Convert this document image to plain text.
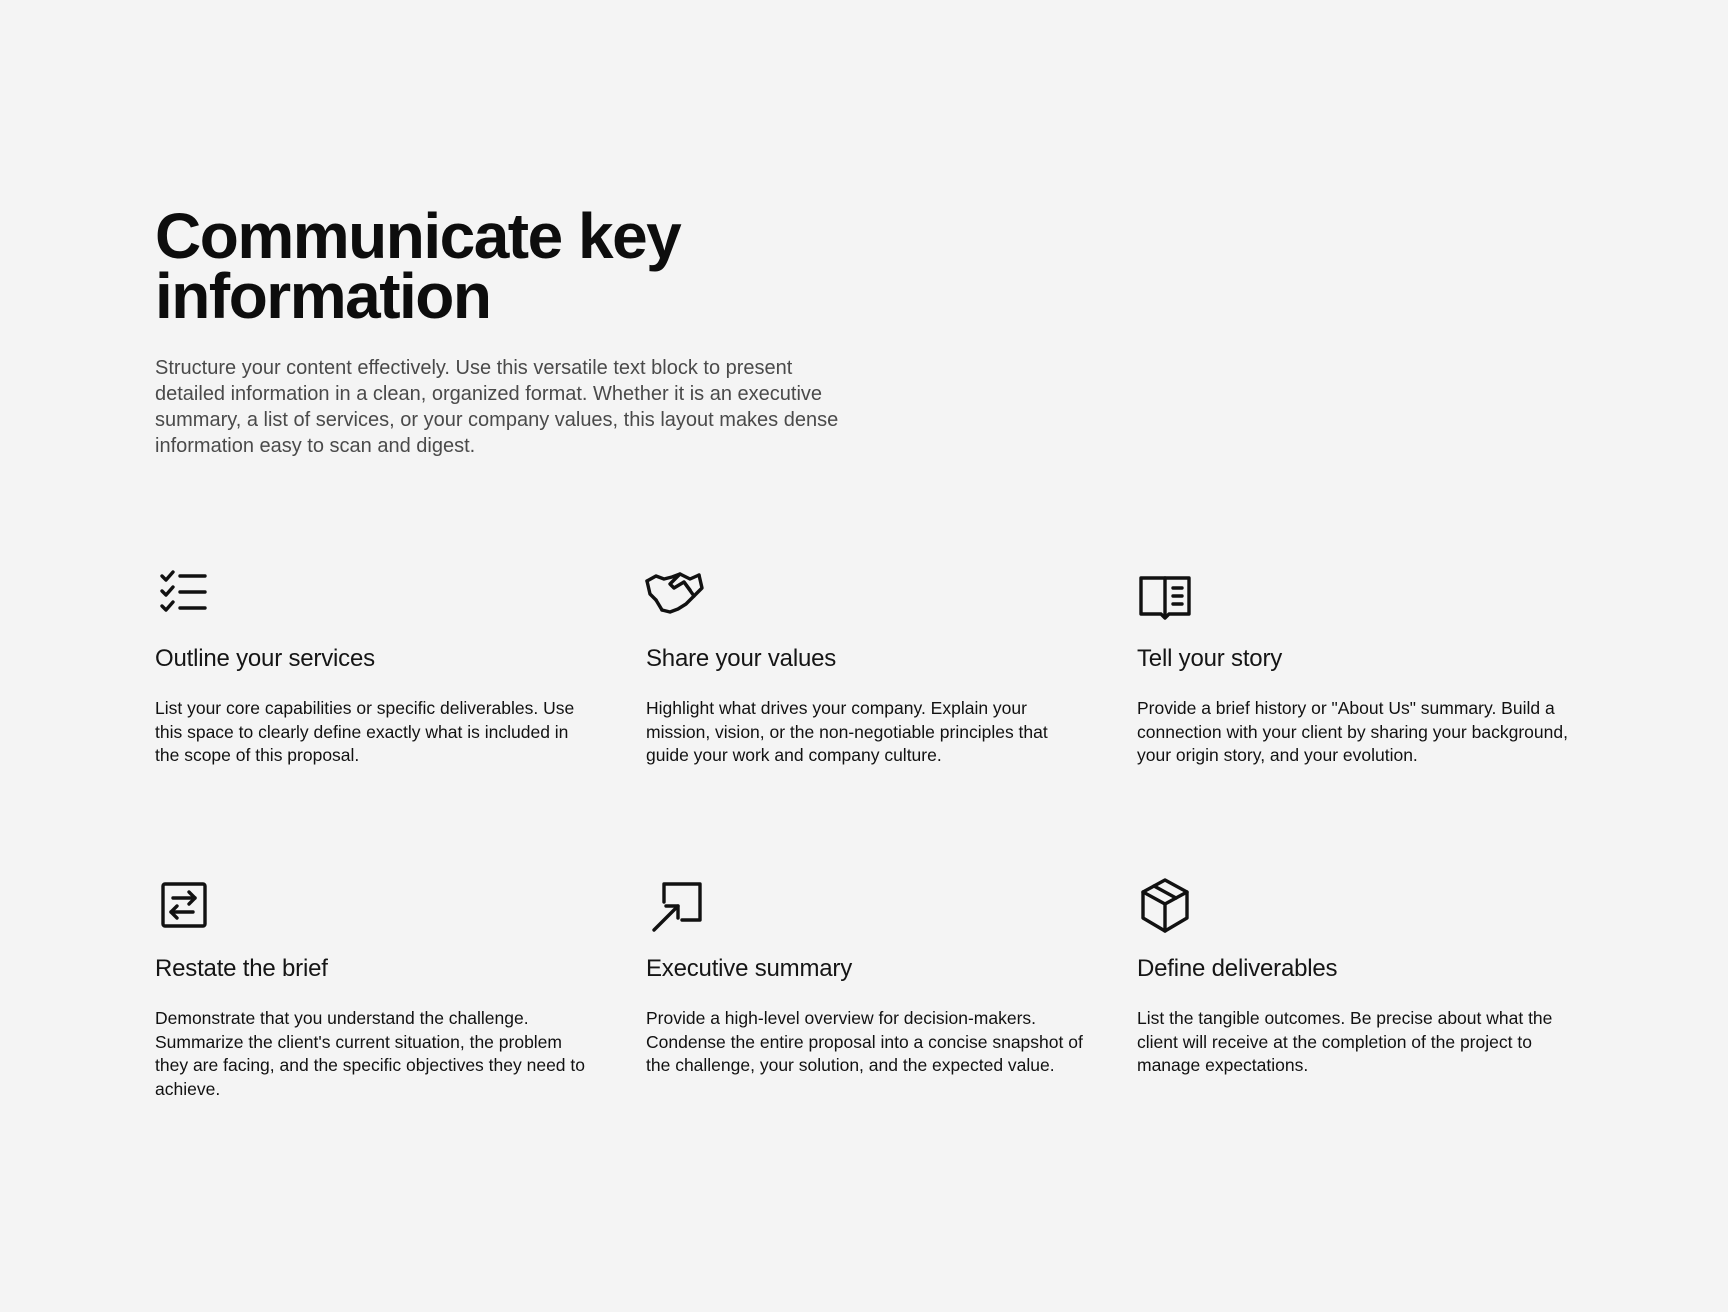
Communicate key information

Structure your content effectively. Use this versatile text block to present detailed information in a clean, organized format. Whether it is an executive summary, a list of services, or your company values, this layout makes dense information easy to scan and digest.

Outline your services

List your core capabilities or specific deliverables. Use this space to clearly define exactly what is included in the scope of this proposal.

Share your values

Highlight what drives your company. Explain your mission, vision, or the non-negotiable principles that guide your work and company culture.

Tell your story

Provide a brief history or "About Us" summary. Build a connection with your client by sharing your background, your origin story, and your evolution.

Restate the brief

Demonstrate that you understand the challenge. Summarize the client's current situation, the problem they are facing, and the specific objectives they need to achieve.

Executive summary

Provide a high-level overview for decision-makers. Condense the entire proposal into a concise snapshot of the challenge, your solution, and the expected value.

Define deliverables

List the tangible outcomes. Be precise about what the client will receive at the completion of the project to manage expectations.
